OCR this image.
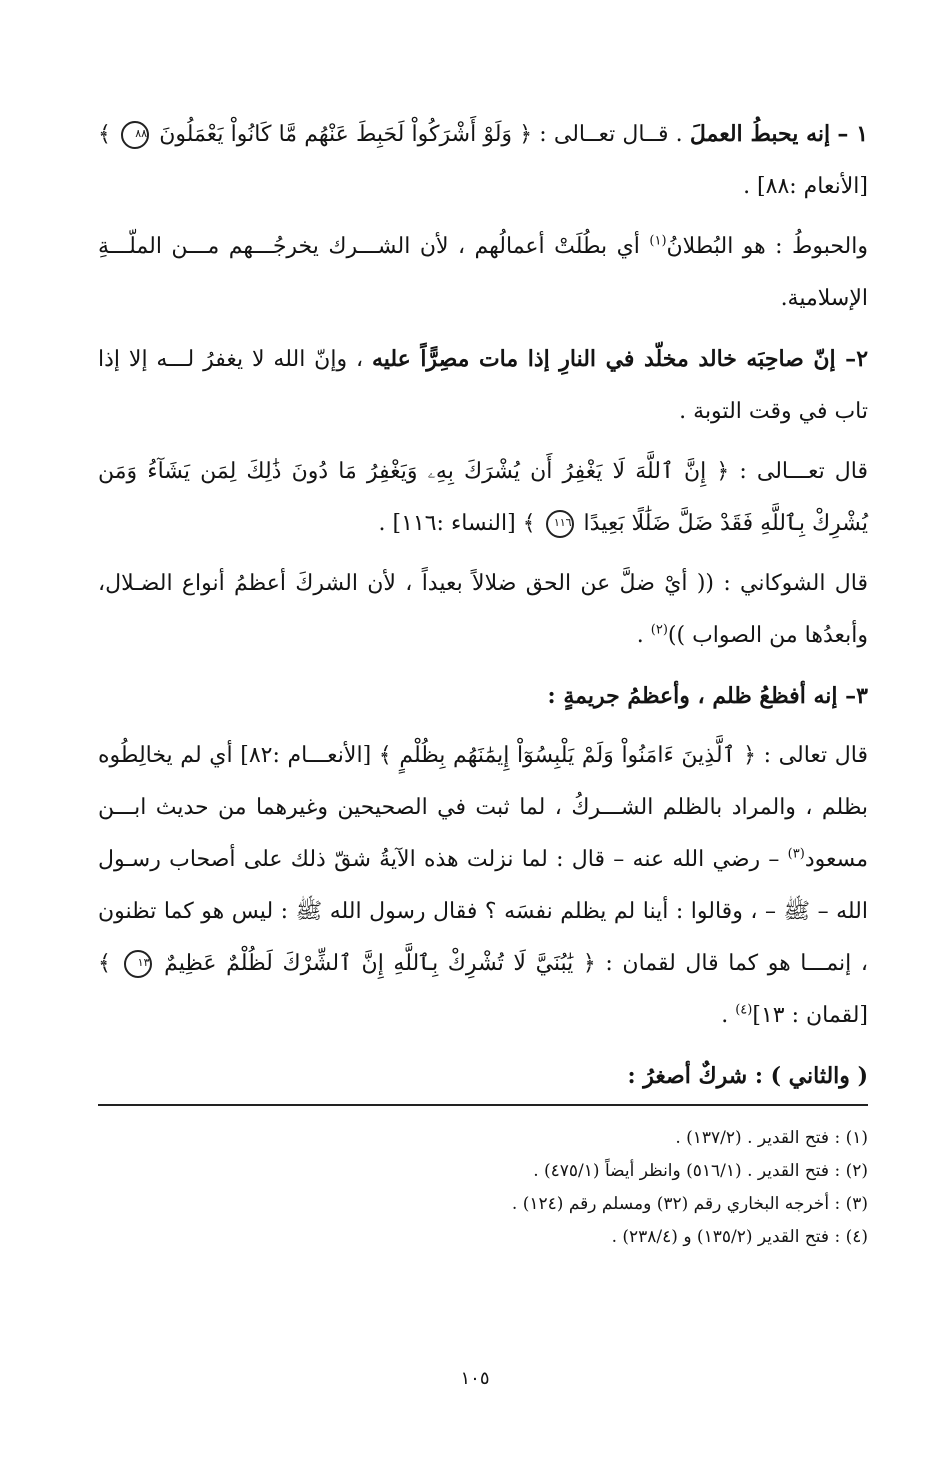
١ – إنه يحبطُ العملَ . قــال تعــالى : ﴿ وَلَوْ أَشْرَكُواْ لَحَبِطَ عَنْهُم مَّا كَانُواْ يَعْمَلُونَ ٨٨ ﴾ [الأنعام :٨٨] .

والحبوطُ : هو البُطلانُ$^{(١)}$ أي بطُلَتْ أعمالُهم ، لأن الشـــرك يخرجُـــهم مـــن الملّـــةِ الإسلامية.

٢– إنّ صاحِبَه خالد مخلّد في النارِ إذا مات مصِرًّاً عليه ، وإنّ الله لا يغفرُ لـــه إلا إذا تاب في وقت التوبة .

قال تعـــالى : ﴿ إِنَّ ٱللَّهَ لَا يَغْفِرُ أَن يُشْرَكَ بِهِۦ وَيَغْفِرُ مَا دُونَ ذَٰلِكَ لِمَن يَشَآءُ وَمَن يُشْرِكْ بِٱللَّهِ فَقَدْ ضَلَّ ضَلَٰلًا بَعِيدًا ١١٦ ﴾ [النساء :١١٦] .

قال الشوكاني : (( أيْ ضلَّ عن الحق ضلالاً بعيداً ، لأن الشركَ أعظمُ أنواع الضـلال، وأبعدُها من الصواب ))$^{(٢)}$ .

٣– إنه أفظعُ ظلم ، وأعظمُ جريمةٍ :

قال تعالى : ﴿ ٱلَّذِينَ ءَامَنُواْ وَلَمْ يَلْبِسُوٓاْ إِيمَٰنَهُم بِظُلْمٍ ﴾ [الأنعـــام :٨٢] أي لم يخالِطُوه بظلم ، والمراد بالظلم الشـــركُ ، لما ثبت في الصحيحين وغيرهما من حديث ابـــن مسعود$^{(٣)}$ – رضي الله عنه – قال : لما نزلت هذه الآيةُ شقّ ذلك على أصحاب رسـول الله – ﷺ – ، وقالوا : أينا لم يظلم نفسَه ؟ فقال رسول الله ﷺ : ليس هو كما تظنون ، إنمـــا هو كما قال لقمان : ﴿ يَٰبُنَيَّ لَا تُشْرِكْ بِٱللَّهِ إِنَّ ٱلشِّرْكَ لَظُلْمٌ عَظِيمٌ ١٣ ﴾ [لقمان : ١٣]$^{(٤)}$ .

( والثاني ) : شركٌ أصغرُ :

(١) : فتح القدير . (١٣٧/٢) .

(٢) : فتح القدير . (٥١٦/١) وانظر أيضاً (٤٧٥/١) .

(٣) : أخرجه البخاري رقم (٣٢) ومسلم رقم (١٢٤) .

(٤) : فتح القدير (١٣٥/٢) و (٢٣٨/٤) .

١٠٥
